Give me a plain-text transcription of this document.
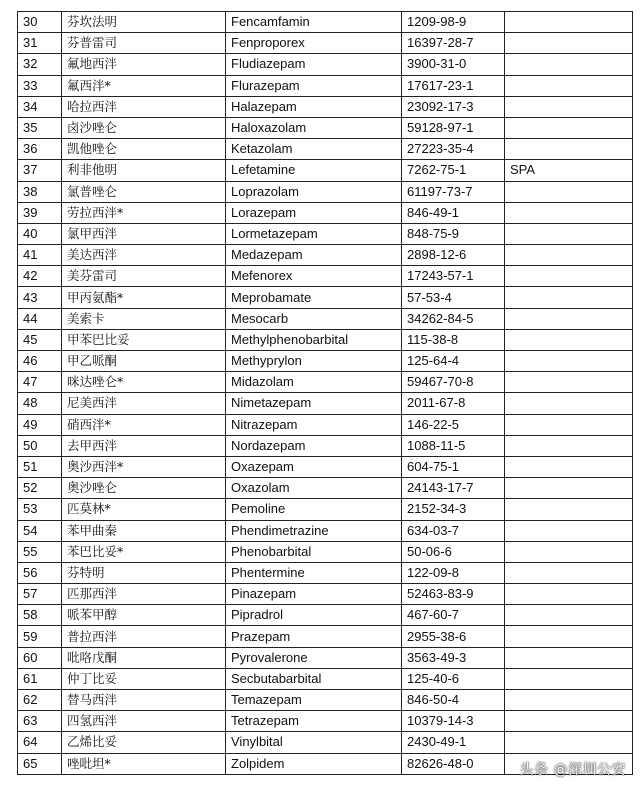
30	芬坎法明	Fencamfamin	1209-98-9	
31	芬普雷司	Fenproporex	16397-28-7	
32	氟地西泮	Fludiazepam	3900-31-0	
33	氟西泮*	Flurazepam	17617-23-1	
34	哈拉西泮	Halazepam	23092-17-3	
35	卤沙唑仑	Haloxazolam	59128-97-1	
36	凯他唑仑	Ketazolam	27223-35-4	
37	利非他明	Lefetamine	7262-75-1	SPA
38	氯普唑仑	Loprazolam	61197-73-7	
39	劳拉西泮*	Lorazepam	846-49-1	
40	氯甲西泮	Lormetazepam	848-75-9	
41	美达西泮	Medazepam	2898-12-6	
42	美芬雷司	Mefenorex	17243-57-1	
43	甲丙氨酯*	Meprobamate	57-53-4	
44	美索卡	Mesocarb	34262-84-5	
45	甲苯巴比妥	Methylphenobarbital	115-38-8	
46	甲乙哌酮	Methyprylon	125-64-4	
47	咪达唑仑*	Midazolam	59467-70-8	
48	尼美西泮	Nimetazepam	2011-67-8	
49	硝西泮*	Nitrazepam	146-22-5	
50	去甲西泮	Nordazepam	1088-11-5	
51	奥沙西泮*	Oxazepam	604-75-1	
52	奥沙唑仑	Oxazolam	24143-17-7	
53	匹莫林*	Pemoline	2152-34-3	
54	苯甲曲秦	Phendimetrazine	634-03-7	
55	苯巴比妥*	Phenobarbital	50-06-6	
56	芬特明	Phentermine	122-09-8	
57	匹那西泮	Pinazepam	52463-83-9	
58	哌苯甲醇	Pipradrol	467-60-7	
59	普拉西泮	Prazepam	2955-38-6	
60	吡咯戊酮	Pyrovalerone	3563-49-3	
61	仲丁比妥	Secbutabarbital	125-40-6	
62	替马西泮	Temazepam	846-50-4	
63	四氢西泮	Tetrazepam	10379-14-3	
64	乙烯比妥	Vinylbital	2430-49-1	
65	唑吡坦*	Zolpidem	82626-48-0		头条 @深圳公安
